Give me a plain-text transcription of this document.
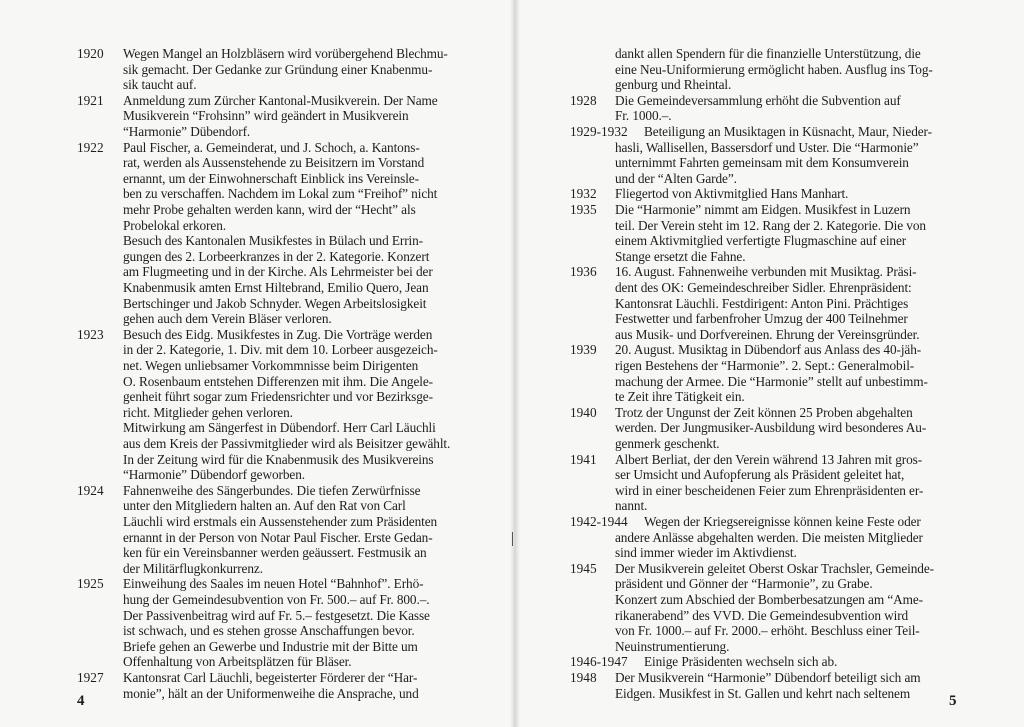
1920 Wegen Mangel an Holzbläsern wird vorübergehend Blechmu-
sik gemacht. Der Gedanke zur Gründung einer Knabenmu-
sik taucht auf.
1921 Anmeldung zum Zürcher Kantonal-Musikverein. Der Name
Musikverein “Frohsinn” wird geändert in Musikverein
“Harmonie” Dübendorf.
1922 Paul Fischer, a. Gemeinderat, und J. Schoch, a. Kantons-
rat, werden als Aussenstehende zu Beisitzern im Vorstand
ernannt, um der Einwohnerschaft Einblick ins Vereinsle-
ben zu verschaffen. Nachdem im Lokal zum “Freihof” nicht
mehr Probe gehalten werden kann, wird der “Hecht” als
Probelokal erkoren.
Besuch des Kantonalen Musikfestes in Bülach und Errin-
gungen des 2. Lorbeerkranzes in der 2. Kategorie. Konzert
am Flugmeeting und in der Kirche. Als Lehrmeister bei der
Knabenmusik amten Ernst Hiltebrand, Emilio Quero, Jean
Bertschinger und Jakob Schnyder. Wegen Arbeitslosigkeit
gehen auch dem Verein Bläser verloren.
1923 Besuch des Eidg. Musikfestes in Zug. Die Vorträge werden
in der 2. Kategorie, 1. Div. mit dem 10. Lorbeer ausgezeich-
net. Wegen unliebsamer Vorkommnisse beim Dirigenten
O. Rosenbaum entstehen Differenzen mit ihm. Die Angele-
genheit führt sogar zum Friedensrichter und vor Bezirksge-
richt. Mitglieder gehen verloren.
Mitwirkung am Sängerfest in Dübendorf. Herr Carl Läuchli
aus dem Kreis der Passivmitglieder wird als Beisitzer gewählt.
In der Zeitung wird für die Knabenmusik des Musikvereins
“Harmonie” Dübendorf geworben.
1924 Fahnenweihe des Sängerbundes. Die tiefen Zerwürfnisse
unter den Mitgliedern halten an. Auf den Rat von Carl
Läuchli wird erstmals ein Aussenstehender zum Präsidenten
ernannt in der Person von Notar Paul Fischer. Erste Gedan-
ken für ein Vereinsbanner werden geäussert. Festmusik an
der Militärflugkonkurrenz.
1925 Einweihung des Saales im neuen Hotel “Bahnhof”. Erhö-
hung der Gemeindesubvention von Fr. 500.– auf Fr. 800.–.
Der Passivenbeitrag wird auf Fr. 5.– festgesetzt. Die Kasse
ist schwach, und es stehen grosse Anschaffungen bevor.
Briefe gehen an Gewerbe und Industrie mit der Bitte um
Offenhaltung von Arbeitsplätzen für Bläser.
1927 Kantonsrat Carl Läuchli, begeisterter Förderer der “Har-
monie”, hält an der Uniformenweihe die Ansprache, und
4
dankt allen Spendern für die finanzielle Unterstützung, die
eine Neu-Uniformierung ermöglicht haben. Ausflug ins Tog-
genburg und Rheintal.
1928 Die Gemeindeversammlung erhöht die Subvention auf
Fr. 1000.–.
1929-1932 Beteiligung an Musiktagen in Küsnacht, Maur, Nieder-
hasli, Wallisellen, Bassersdorf und Uster. Die “Harmonie”
unternimmt Fahrten gemeinsam mit dem Konsumverein
und der “Alten Garde”.
1932 Fliegertod von Aktivmitglied Hans Manhart.
1935 Die “Harmonie” nimmt am Eidgen. Musikfest in Luzern
teil. Der Verein steht im 12. Rang der 2. Kategorie. Die von
einem Aktivmitglied verfertigte Flugmaschine auf einer
Stange ersetzt die Fahne.
1936 16. August. Fahnenweihe verbunden mit Musiktag. Präsi-
dent des OK: Gemeindeschreiber Sidler. Ehrenpräsident:
Kantonsrat Läuchli. Festdirigent: Anton Pini. Prächtiges
Festwetter und farbenfroher Umzug der 400 Teilnehmer
aus Musik- und Dorfvereinen. Ehrung der Vereinsgründer.
1939 20. August. Musiktag in Dübendorf aus Anlass des 40-jäh-
rigen Bestehens der “Harmonie”. 2. Sept.: Generalmobil-
machung der Armee. Die “Harmonie” stellt auf unbestimm-
te Zeit ihre Tätigkeit ein.
1940 Trotz der Ungunst der Zeit können 25 Proben abgehalten
werden. Der Jungmusiker-Ausbildung wird besonderes Au-
genmerk geschenkt.
1941 Albert Berliat, der den Verein während 13 Jahren mit gros-
ser Umsicht und Aufopferung als Präsident geleitet hat,
wird in einer bescheidenen Feier zum Ehrenpräsidenten er-
nannt.
1942-1944 Wegen der Kriegsereignisse können keine Feste oder
andere Anlässe abgehalten werden. Die meisten Mitglieder
sind immer wieder im Aktivdienst.
1945 Der Musikverein geleitet Oberst Oskar Trachsler, Gemeinde-
präsident und Gönner der “Harmonie”, zu Grabe.
Konzert zum Abschied der Bomberbesatzungen am “Ame-
rikanerabend” des VVD. Die Gemeindesubvention wird
von Fr. 1000.– auf Fr. 2000.– erhöht. Beschluss einer Teil-
Neuinstrumentierung.
1946-1947 Einige Präsidenten wechseln sich ab.
1948 Der Musikverein “Harmonie” Dübendorf beteiligt sich am
Eidgen. Musikfest in St. Gallen und kehrt nach seltenem	5
